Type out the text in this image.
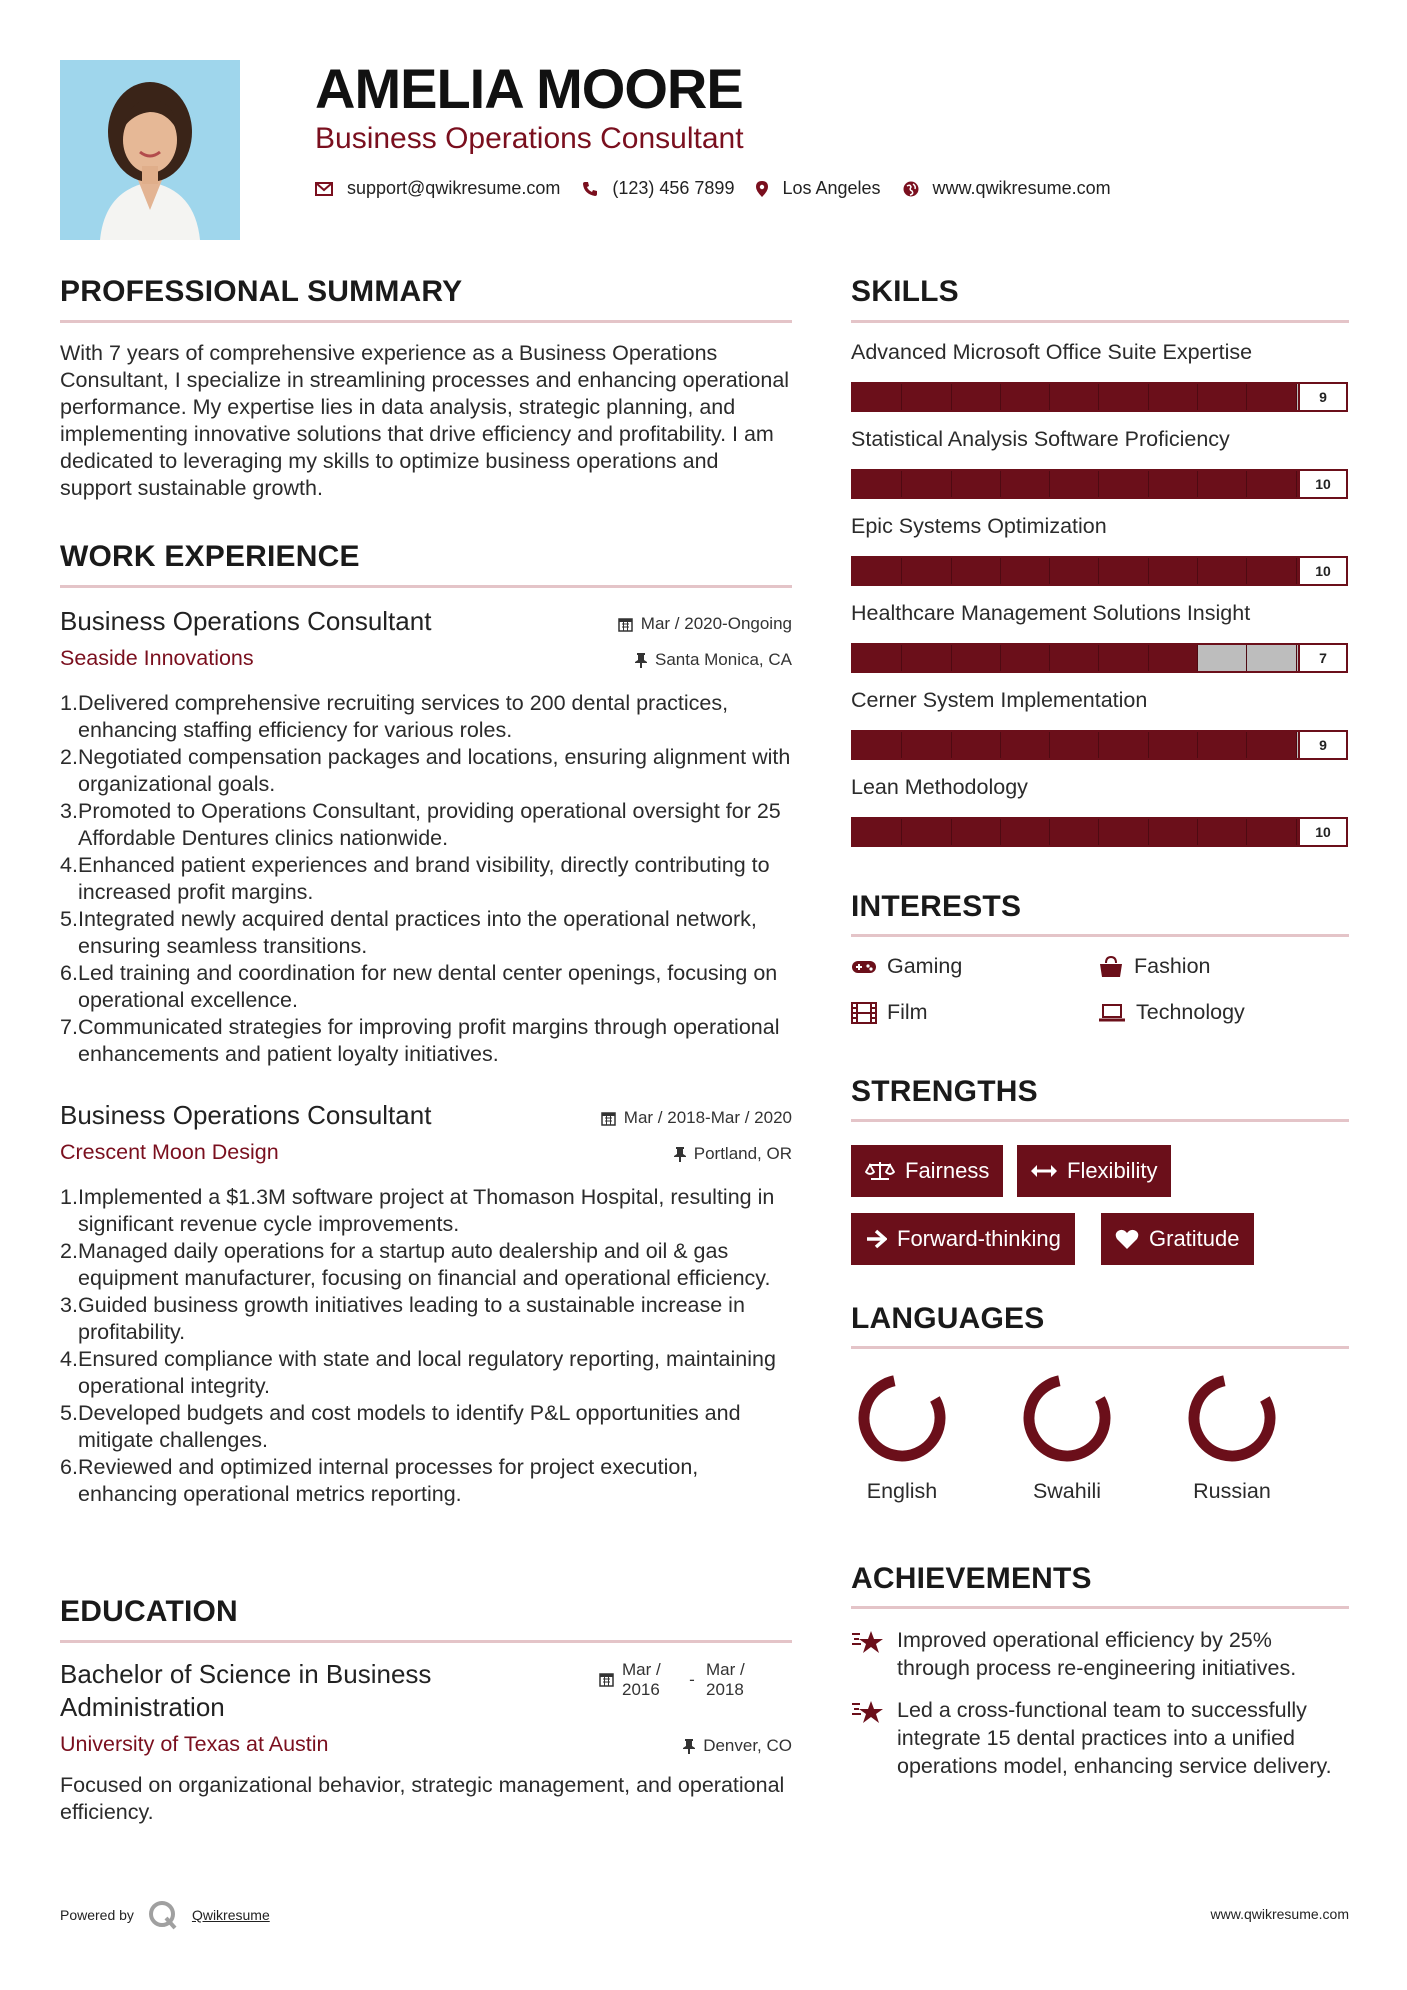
AMELIA MOORE
Business Operations Consultant
support@qwikresume.com	(123) 456 7899	Los Angeles	www.qwikresume.com
PROFESSIONAL SUMMARY
With 7 years of comprehensive experience as a Business Operations Consultant, I specialize in streamlining processes and enhancing operational performance. My expertise lies in data analysis, strategic planning, and implementing innovative solutions that drive efficiency and profitability. I am dedicated to leveraging my skills to optimize business operations and support sustainable growth.
WORK EXPERIENCE
Business Operations Consultant	Mar / 2020-Ongoing
Seaside Innovations	Santa Monica, CA
1. Delivered comprehensive recruiting services to 200 dental practices, enhancing staffing efficiency for various roles.
2. Negotiated compensation packages and locations, ensuring alignment with organizational goals.
3. Promoted to Operations Consultant, providing operational oversight for 25 Affordable Dentures clinics nationwide.
4. Enhanced patient experiences and brand visibility, directly contributing to increased profit margins.
5. Integrated newly acquired dental practices into the operational network, ensuring seamless transitions.
6. Led training and coordination for new dental center openings, focusing on operational excellence.
7. Communicated strategies for improving profit margins through operational enhancements and patient loyalty initiatives.
Business Operations Consultant	Mar / 2018-Mar / 2020
Crescent Moon Design	Portland, OR
1. Implemented a $1.3M software project at Thomason Hospital, resulting in significant revenue cycle improvements.
2. Managed daily operations for a startup auto dealership and oil & gas equipment manufacturer, focusing on financial and operational efficiency.
3. Guided business growth initiatives leading to a sustainable increase in profitability.
4. Ensured compliance with state and local regulatory reporting, maintaining operational integrity.
5. Developed budgets and cost models to identify P&L opportunities and mitigate challenges.
6. Reviewed and optimized internal processes for project execution, enhancing operational metrics reporting.
EDUCATION
Bachelor of Science in Business Administration
Mar / 2016
-
Mar / 2018
University of Texas at Austin	Denver, CO
Focused on organizational behavior, strategic management, and operational efficiency.
SKILLS
Advanced Microsoft Office Suite Expertise
9
Statistical Analysis Software Proficiency
10
Epic Systems Optimization
10
Healthcare Management Solutions Insight
7
Cerner System Implementation
9
Lean Methodology
10
INTERESTS
Gaming	Fashion
Film	Technology
STRENGTHS
Fairness	Flexibility
Forward-thinking	Gratitude
LANGUAGES
English	Swahili	Russian
ACHIEVEMENTS
Improved operational efficiency by 25% through process re-engineering initiatives.
Led a cross-functional team to successfully integrate 15 dental practices into a unified operations model, enhancing service delivery.
Powered by	Qwikresume	www.qwikresume.com
